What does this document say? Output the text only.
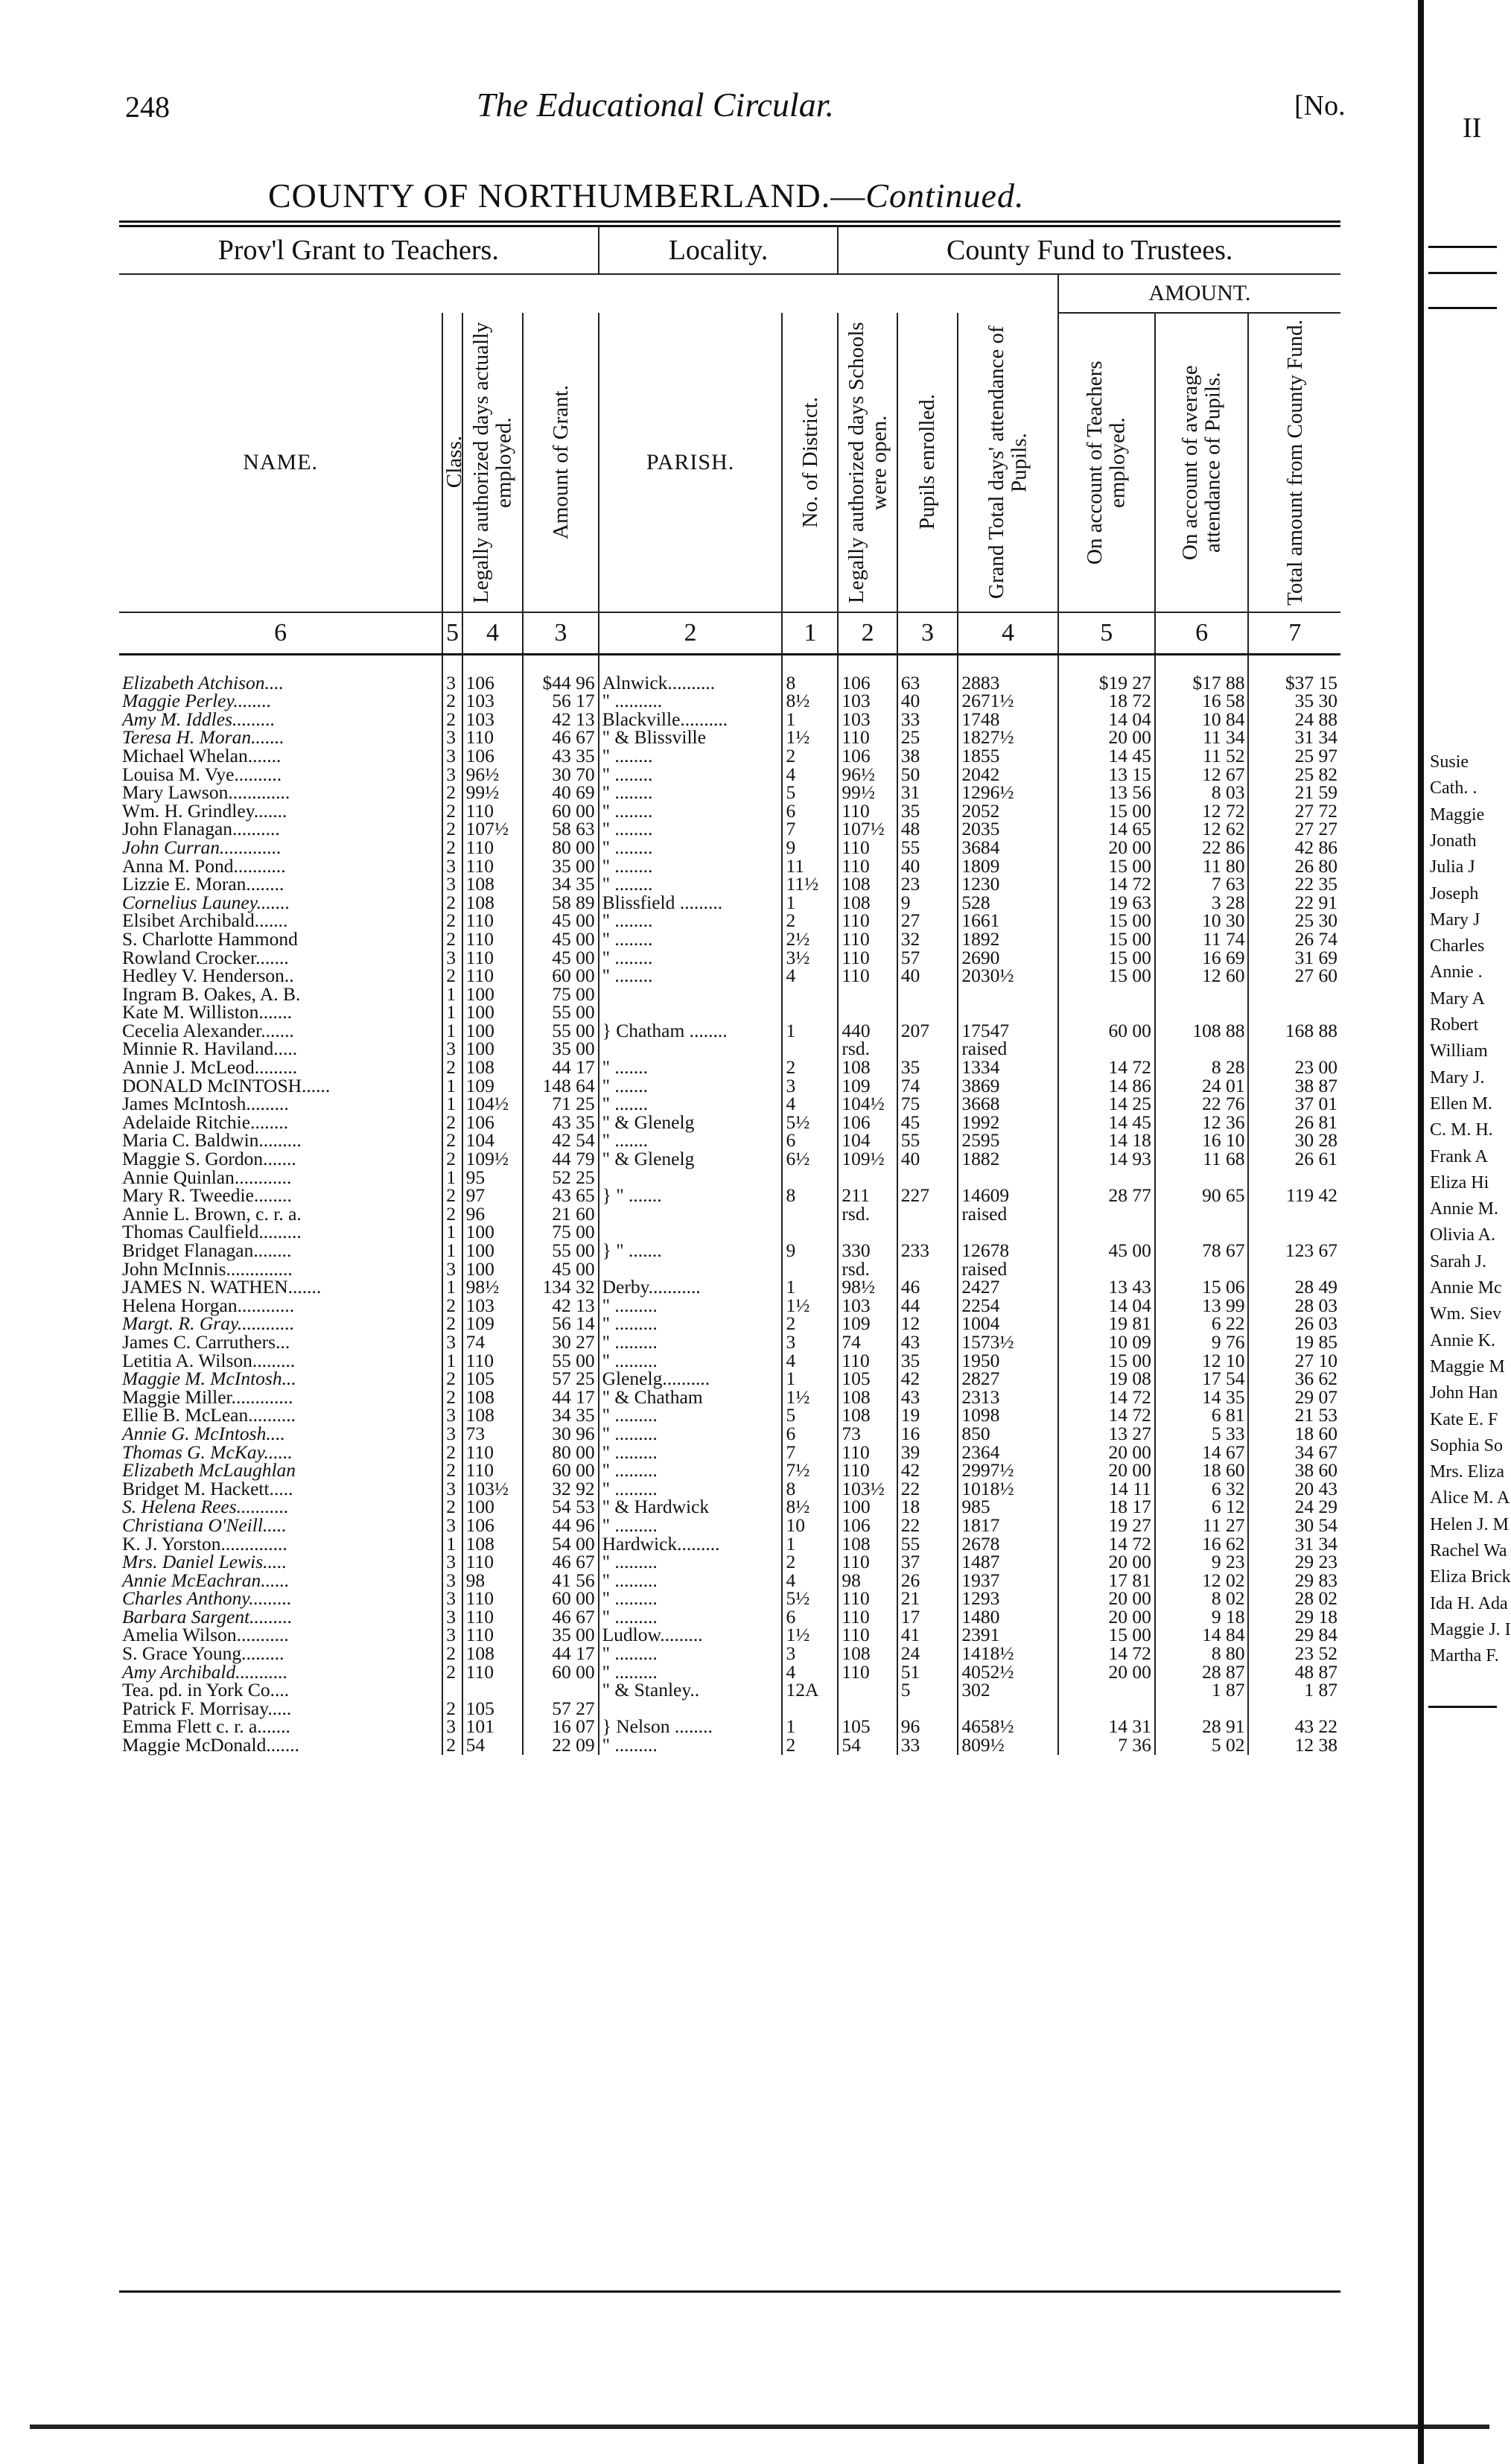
248	The Educational Circular.	[No.
COUNTY OF NORTHUMBERLAND.—Continued.
Prov'l Grant to Teachers.				Locality.		County Fund to Trustees.					
									AMOUNT.		
NAME.	Class.	Legally authorized days actually employed.	Amount of Grant.	PARISH.	No. of District.	Legally authorized days Schools were open.	Pupils enrolled.	Grand Total days' attendance of Pupils.	On account of Teachers employed.	On account of average attendance of Pupils.	Total amount from County Fund.

6	5	4	3	2	1	2	3	4	5	6	7

Elizabeth Atchison....	3	106	$44 96	Alnwick..........	8	106	63	2883	$19 27	$17 88	$37 15
Maggie Perley........	2	103	56 17	" ..........	8½	103	40	2671½	18 72	16 58	35 30
Amy M. Iddles.........	2	103	42 13	Blackville..........	1	103	33	1748	14 04	10 84	24 88
Teresa H. Moran.......	3	110	46 67	" & Blissville	1½	110	25	1827½	20 00	11 34	31 34
Michael Whelan.......	3	106	43 35	" ........	2	106	38	1855	14 45	11 52	25 97
Louisa M. Vye..........	3	96½	30 70	" ........	4	96½	50	2042	13 15	12 67	25 82
Mary Lawson.............	2	99½	40 69	" ........	5	99½	31	1296½	13 56	8 03	21 59
Wm. H. Grindley.......	2	110	60 00	" ........	6	110	35	2052	15 00	12 72	27 72
John Flanagan..........	2	107½	58 63	" ........	7	107½	48	2035	14 65	12 62	27 27
John Curran.............	2	110	80 00	" ........	9	110	55	3684	20 00	22 86	42 86
Anna M. Pond...........	3	110	35 00	" ........	11	110	40	1809	15 00	11 80	26 80
Lizzie E. Moran........	3	108	34 35	" ........	11½	108	23	1230	14 72	7 63	22 35
Cornelius Launey.......	2	108	58 89	Blissfield .........	1	108	9	528	19 63	3 28	22 91
Elsibet Archibald.......	2	110	45 00	" ........	2	110	27	1661	15 00	10 30	25 30
S. Charlotte Hammond	2	110	45 00	" ........	2½	110	32	1892	15 00	11 74	26 74
Rowland Crocker.......	3	110	45 00	" ........	3½	110	57	2690	15 00	16 69	31 69
Hedley V. Henderson..	2	110	60 00	" ........	4	110	40	2030½	15 00	12 60	27 60
Ingram B. Oakes, A. B.	1	100	75 00								
Kate M. Williston.......	1	100	55 00								
Cecelia Alexander.......	1	100	55 00	} Chatham ........	1	440	207	17547	60 00	108 88	168 88
Minnie R. Haviland.....	3	100	35 00			rsd.		raised			
Annie J. McLeod.........	2	108	44 17	" .......	2	108	35	1334	14 72	8 28	23 00
DONALD McINTOSH......	1	109	148 64	" .......	3	109	74	3869	14 86	24 01	38 87
James McIntosh.........	1	104½	71 25	" .......	4	104½	75	3668	14 25	22 76	37 01
Adelaide Ritchie........	2	106	43 35	" & Glenelg	5½	106	45	1992	14 45	12 36	26 81
Maria C. Baldwin.........	2	104	42 54	" .......	6	104	55	2595	14 18	16 10	30 28
Maggie S. Gordon.......	2	109½	44 79	" & Glenelg	6½	109½	40	1882	14 93	11 68	26 61
Annie Quinlan............	1	95	52 25								
Mary R. Tweedie........	2	97	43 65	} " .......	8	211	227	14609	28 77	90 65	119 42
Annie L. Brown, c. r. a.	2	96	21 60			rsd.		raised			
Thomas Caulfield.........	1	100	75 00								
Bridget Flanagan........	1	100	55 00	} " .......	9	330	233	12678	45 00	78 67	123 67
John McInnis..............	3	100	45 00			rsd.		raised			
JAMES N. WATHEN.......	1	98½	134 32	Derby...........	1	98½	46	2427	13 43	15 06	28 49
Helena Horgan............	2	103	42 13	" .........	1½	103	44	2254	14 04	13 99	28 03
Margt. R. Gray............	2	109	56 14	" .........	2	109	12	1004	19 81	6 22	26 03
James C. Carruthers...	3	74	30 27	" .........	3	74	43	1573½	10 09	9 76	19 85
Letitia A. Wilson.........	1	110	55 00	" .........	4	110	35	1950	15 00	12 10	27 10
Maggie M. McIntosh...	2	105	57 25	Glenelg..........	1	105	42	2827	19 08	17 54	36 62
Maggie Miller.............	2	108	44 17	" & Chatham	1½	108	43	2313	14 72	14 35	29 07
Ellie B. McLean..........	3	108	34 35	" .........	5	108	19	1098	14 72	6 81	21 53
Annie G. McIntosh....	3	73	30 96	" .........	6	73	16	850	13 27	5 33	18 60
Thomas G. McKay......	2	110	80 00	" .........	7	110	39	2364	20 00	14 67	34 67
Elizabeth McLaughlan	2	110	60 00	" .........	7½	110	42	2997½	20 00	18 60	38 60
Bridget M. Hackett.....	3	103½	32 92	" .........	8	103½	22	1018½	14 11	6 32	20 43
S. Helena Rees...........	2	100	54 53	" & Hardwick	8½	100	18	985	18 17	6 12	24 29
Christiana O'Neill.....	3	106	44 96	" .........	10	106	22	1817	19 27	11 27	30 54
K. J. Yorston..............	1	108	54 00	Hardwick.........	1	108	55	2678	14 72	16 62	31 34
Mrs. Daniel Lewis.....	3	110	46 67	" .........	2	110	37	1487	20 00	9 23	29 23
Annie McEachran......	3	98	41 56	" .........	4	98	26	1937	17 81	12 02	29 83
Charles Anthony.........	3	110	60 00	" .........	5½	110	21	1293	20 00	8 02	28 02
Barbara Sargent.........	3	110	46 67	" .........	6	110	17	1480	20 00	9 18	29 18
Amelia Wilson...........	3	110	35 00	Ludlow.........	1½	110	41	2391	15 00	14 84	29 84
S. Grace Young.........	2	108	44 17	" .........	3	108	24	1418½	14 72	8 80	23 52
Amy Archibald...........	2	110	60 00	" .........	4	110	51	4052½	20 00	28 87	48 87
Tea. pd. in York Co....				" & Stanley..	12A		5	302		1 87	1 87
Patrick F. Morrisay.....	2	105	57 27								
Emma Flett c. r. a.......	3	101	16 07	} Nelson ........	1	105	96	4658½	14 31	28 91	43 22
Maggie McDonald.......	2	54	22 09	" .........	2	54	33	809½	7 36	5 02	12 38
II
Susie
Cath. .
Maggie
Jonath
Julia J
Joseph
Mary J
Charles
Annie .
Mary A
Robert
William
Mary J.
Ellen M.
C. M. H.
Frank A
Eliza Hi
Annie M.
Olivia A.
Sarah J.
Annie Mc
Wm. Siev
Annie K.
Maggie M
John Han
Kate E. F
Sophia So
Mrs. Eliza
Alice M. A
Helen J. M
Rachel Wa
Eliza Brick
Ida H. Ada
Maggie J. I
Martha F.
